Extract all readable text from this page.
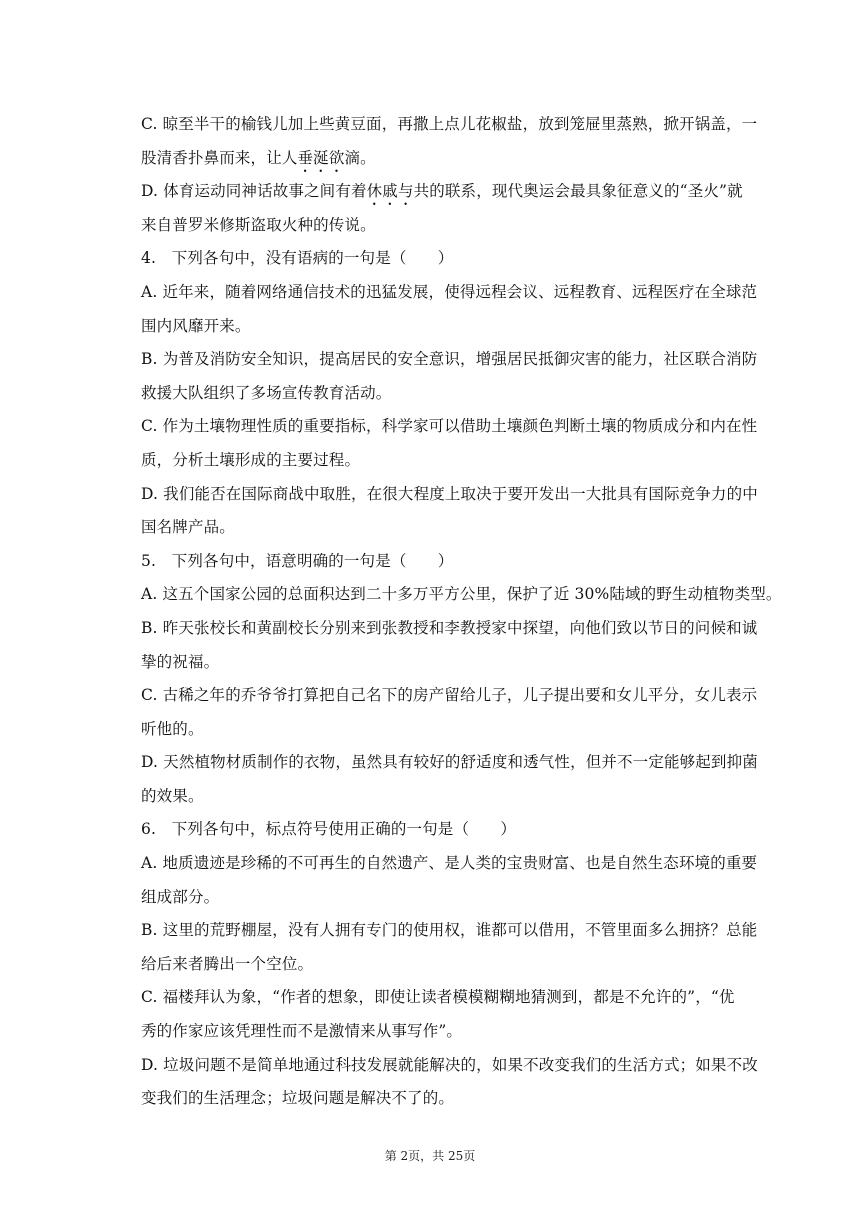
C. 晾至半干的榆钱儿加上些黄豆面，再撒上点儿花椒盐，放到笼屉里蒸熟，掀开锅盖，一
股清香扑鼻而来，让人垂涎欲滴。
D. 体育运动同神话故事之间有着休戚与共的联系，现代奥运会最具象征意义的“圣火”就
来自普罗米修斯盗取火种的传说。
4.　下列各句中，没有语病的一句是（　　）
A. 近年来，随着网络通信技术的迅猛发展，使得远程会议、远程教育、远程医疗在全球范
围内风靡开来。
B. 为普及消防安全知识，提高居民的安全意识，增强居民抵御灾害的能力，社区联合消防
救援大队组织了多场宣传教育活动。
C. 作为土壤物理性质的重要指标，科学家可以借助土壤颜色判断土壤的物质成分和内在性
质，分析土壤形成的主要过程。
D. 我们能否在国际商战中取胜，在很大程度上取决于要开发出一大批具有国际竞争力的中
国名牌产品。
5.　下列各句中，语意明确的一句是（　　）
A. 这五个国家公园的总面积达到二十多万平方公里，保护了近 30%陆域的野生动植物类型。
B. 昨天张校长和黄副校长分别来到张教授和李教授家中探望，向他们致以节日的问候和诚
挚的祝福。
C. 古稀之年的乔爷爷打算把自己名下的房产留给儿子，儿子提出要和女儿平分，女儿表示
听他的。
D. 天然植物材质制作的衣物，虽然具有较好的舒适度和透气性，但并不一定能够起到抑菌
的效果。
6.　下列各句中，标点符号使用正确的一句是（　　）
A. 地质遗迹是珍稀的不可再生的自然遗产、是人类的宝贵财富、也是自然生态环境的重要
组成部分。
B. 这里的荒野棚屋，没有人拥有专门的使用权，谁都可以借用，不管里面多么拥挤？总能
给后来者腾出一个空位。
C. 福楼拜认为象，“作者的想象，即使让读者模模糊糊地猜测到，都是不允许的”，“优
秀的作家应该凭理性而不是激情来从事写作”。
D. 垃圾问题不是简单地通过科技发展就能解决的，如果不改变我们的生活方式；如果不改
变我们的生活理念；垃圾问题是解决不了的。
第 2页，共 25页
